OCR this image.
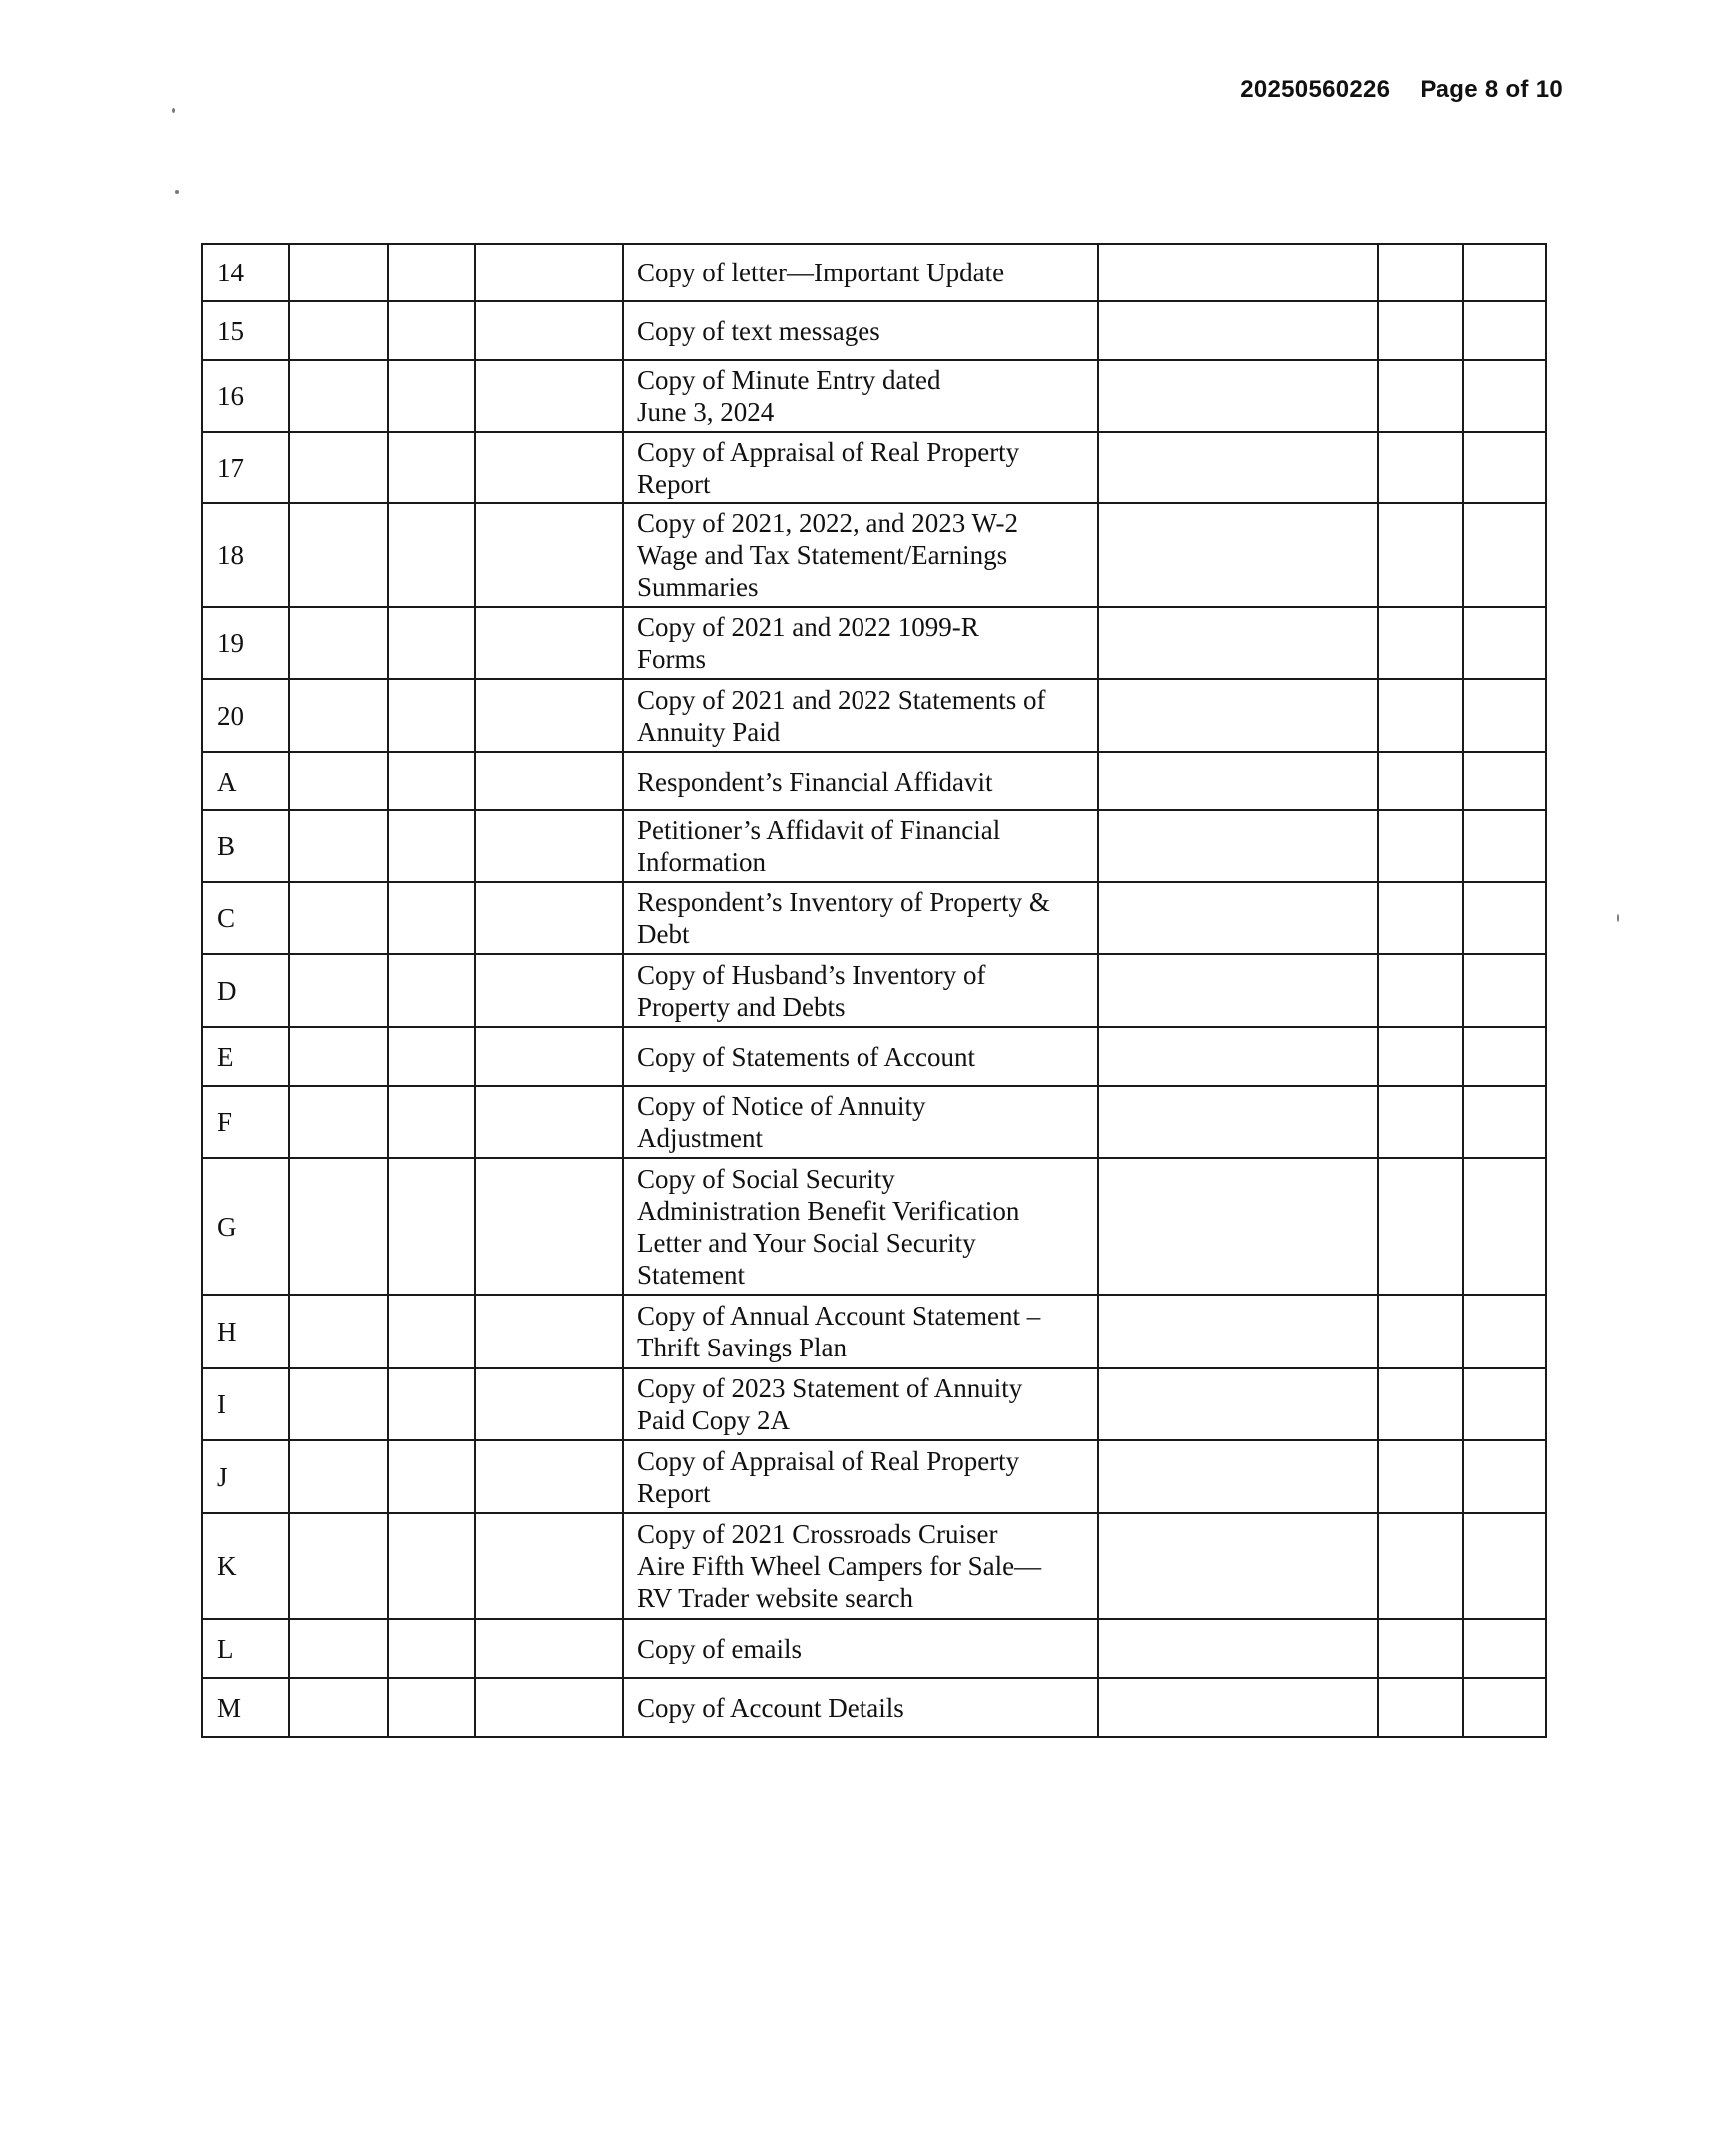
20250560226 Page 8 of 10
14				Copy of letter—Important Update			
15				Copy of text messages			
16				Copy of Minute Entry dated
June 3, 2024			
17				Copy of Appraisal of Real Property
Report			
18				Copy of 2021, 2022, and 2023 W-2
Wage and Tax Statement/Earnings
Summaries			
19				Copy of 2021 and 2022 1099-R
Forms			
20				Copy of 2021 and 2022 Statements of
Annuity Paid			
A				Respondent’s Financial Affidavit			
B				Petitioner’s Affidavit of Financial
Information			
C				Respondent’s Inventory of Property &
Debt			
D				Copy of Husband’s Inventory of
Property and Debts			
E				Copy of Statements of Account			
F				Copy of Notice of Annuity
Adjustment			
G				Copy of Social Security
Administration Benefit Verification
Letter and Your Social Security
Statement			
H				Copy of Annual Account Statement –
Thrift Savings Plan			
I				Copy of 2023 Statement of Annuity
Paid Copy 2A			
J				Copy of Appraisal of Real Property
Report			
K				Copy of 2021 Crossroads Cruiser
Aire Fifth Wheel Campers for Sale—
RV Trader website search			
L				Copy of emails			
M				Copy of Account Details			
